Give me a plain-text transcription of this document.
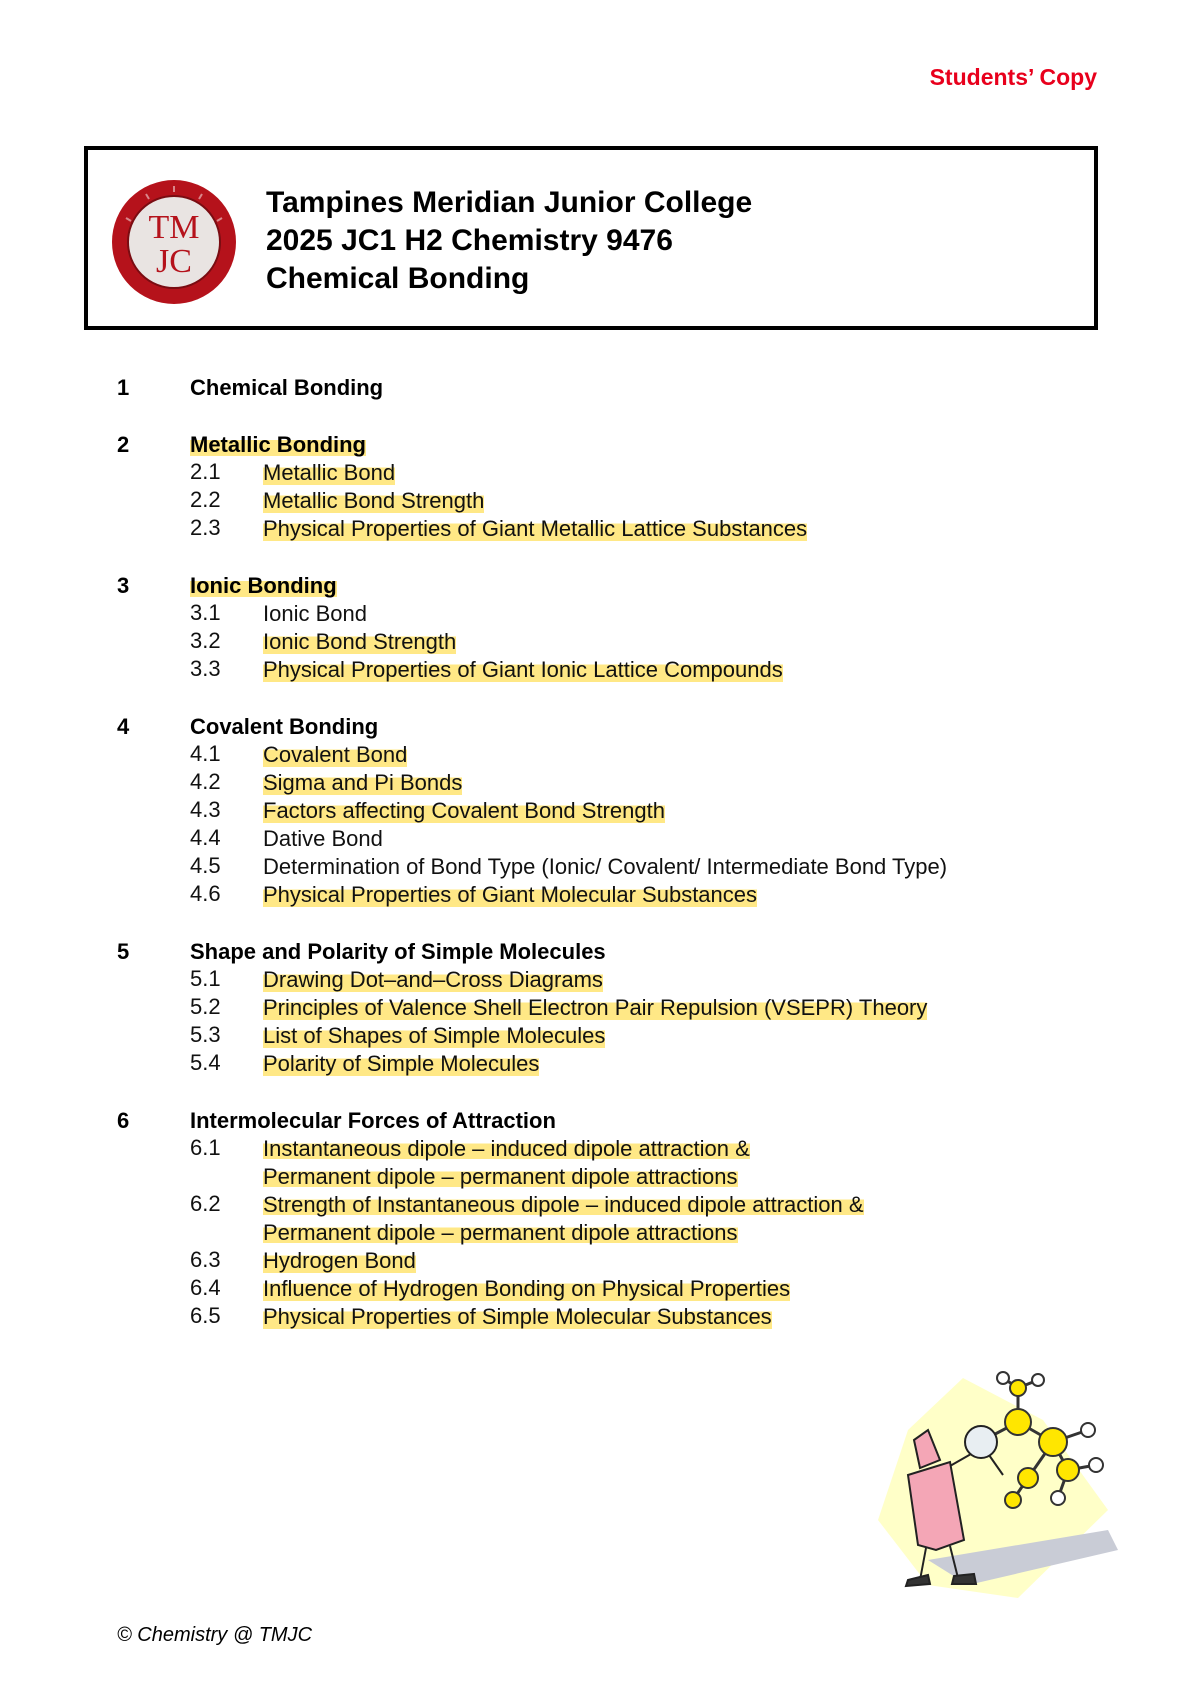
Students’ Copy
TM
JC
Tampines Meridian Junior College
2025 JC1 H2 Chemistry 9476
Chemical Bonding
1	Chemical Bonding
2	Metallic Bonding
2.1 Metallic Bond
2.2 Metallic Bond Strength
2.3 Physical Properties of Giant Metallic Lattice Substances
3	Ionic Bonding
3.1 Ionic Bond
3.2 Ionic Bond Strength
3.3 Physical Properties of Giant Ionic Lattice Compounds
4	Covalent Bonding
4.1 Covalent Bond
4.2 Sigma and Pi Bonds
4.3 Factors affecting Covalent Bond Strength
4.4 Dative Bond
4.5 Determination of Bond Type (Ionic/ Covalent/ Intermediate Bond Type)
4.6 Physical Properties of Giant Molecular Substances
5	Shape and Polarity of Simple Molecules
5.1 Drawing Dot–and–Cross Diagrams
5.2 Principles of Valence Shell Electron Pair Repulsion (VSEPR) Theory
5.3 List of Shapes of Simple Molecules
5.4 Polarity of Simple Molecules
6	Intermolecular Forces of Attraction
6.1 Instantaneous dipole – induced dipole attraction &
Permanent dipole – permanent dipole attractions
6.2 Strength of Instantaneous dipole – induced dipole attraction &
Permanent dipole – permanent dipole attractions
6.3 Hydrogen Bond
6.4 Influence of Hydrogen Bonding on Physical Properties
6.5 Physical Properties of Simple Molecular Substances
© Chemistry @ TMJC
